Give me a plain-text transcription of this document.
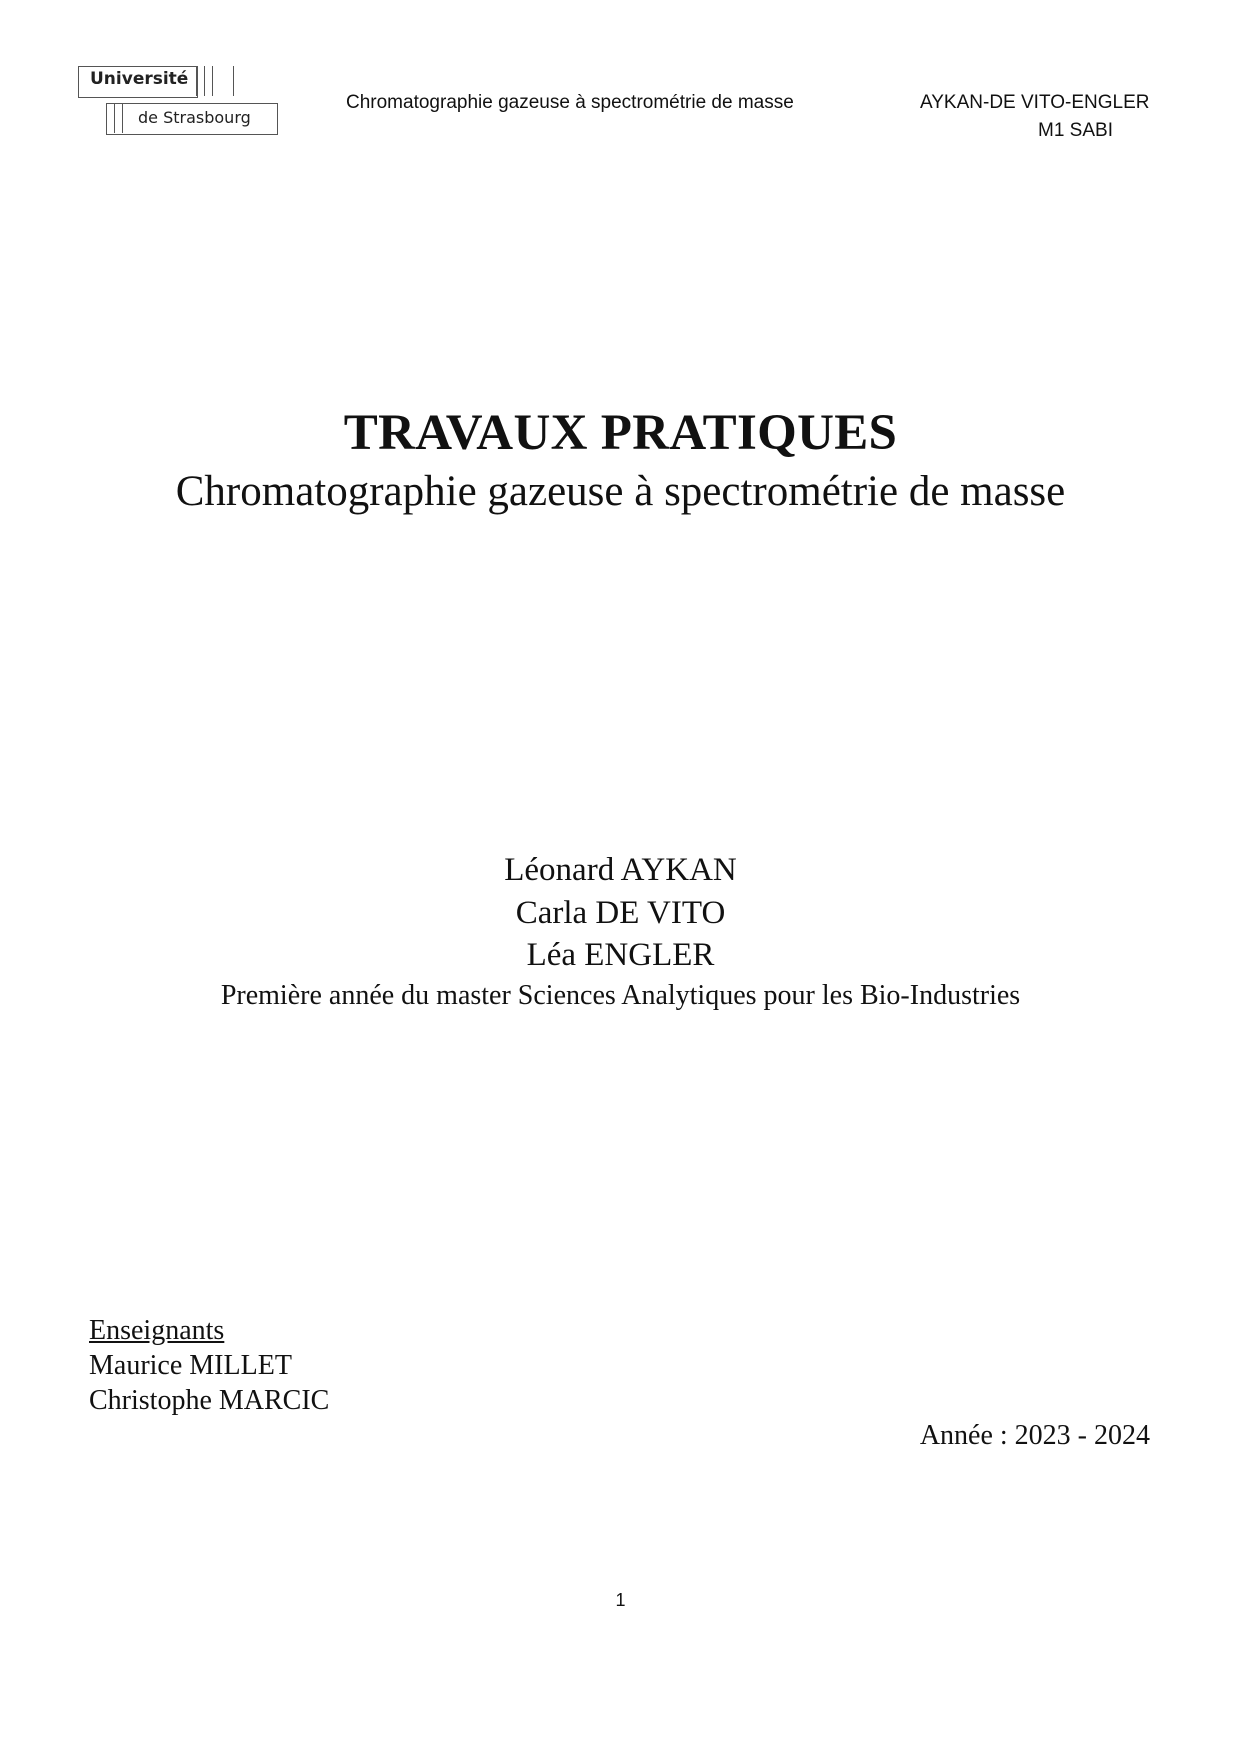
Université
de Strasbourg
Chromatographie gazeuse à spectrométrie de masse	AYKAN-DE VITO-ENGLER
M1 SABI
TRAVAUX PRATIQUES
Chromatographie gazeuse à spectrométrie de masse
Léonard AYKAN
Carla DE VITO
Léa ENGLER
Première année du master Sciences Analytiques pour les Bio-Industries
Enseignants
Maurice MILLET
Christophe MARCIC
Année : 2023 - 2024
1
